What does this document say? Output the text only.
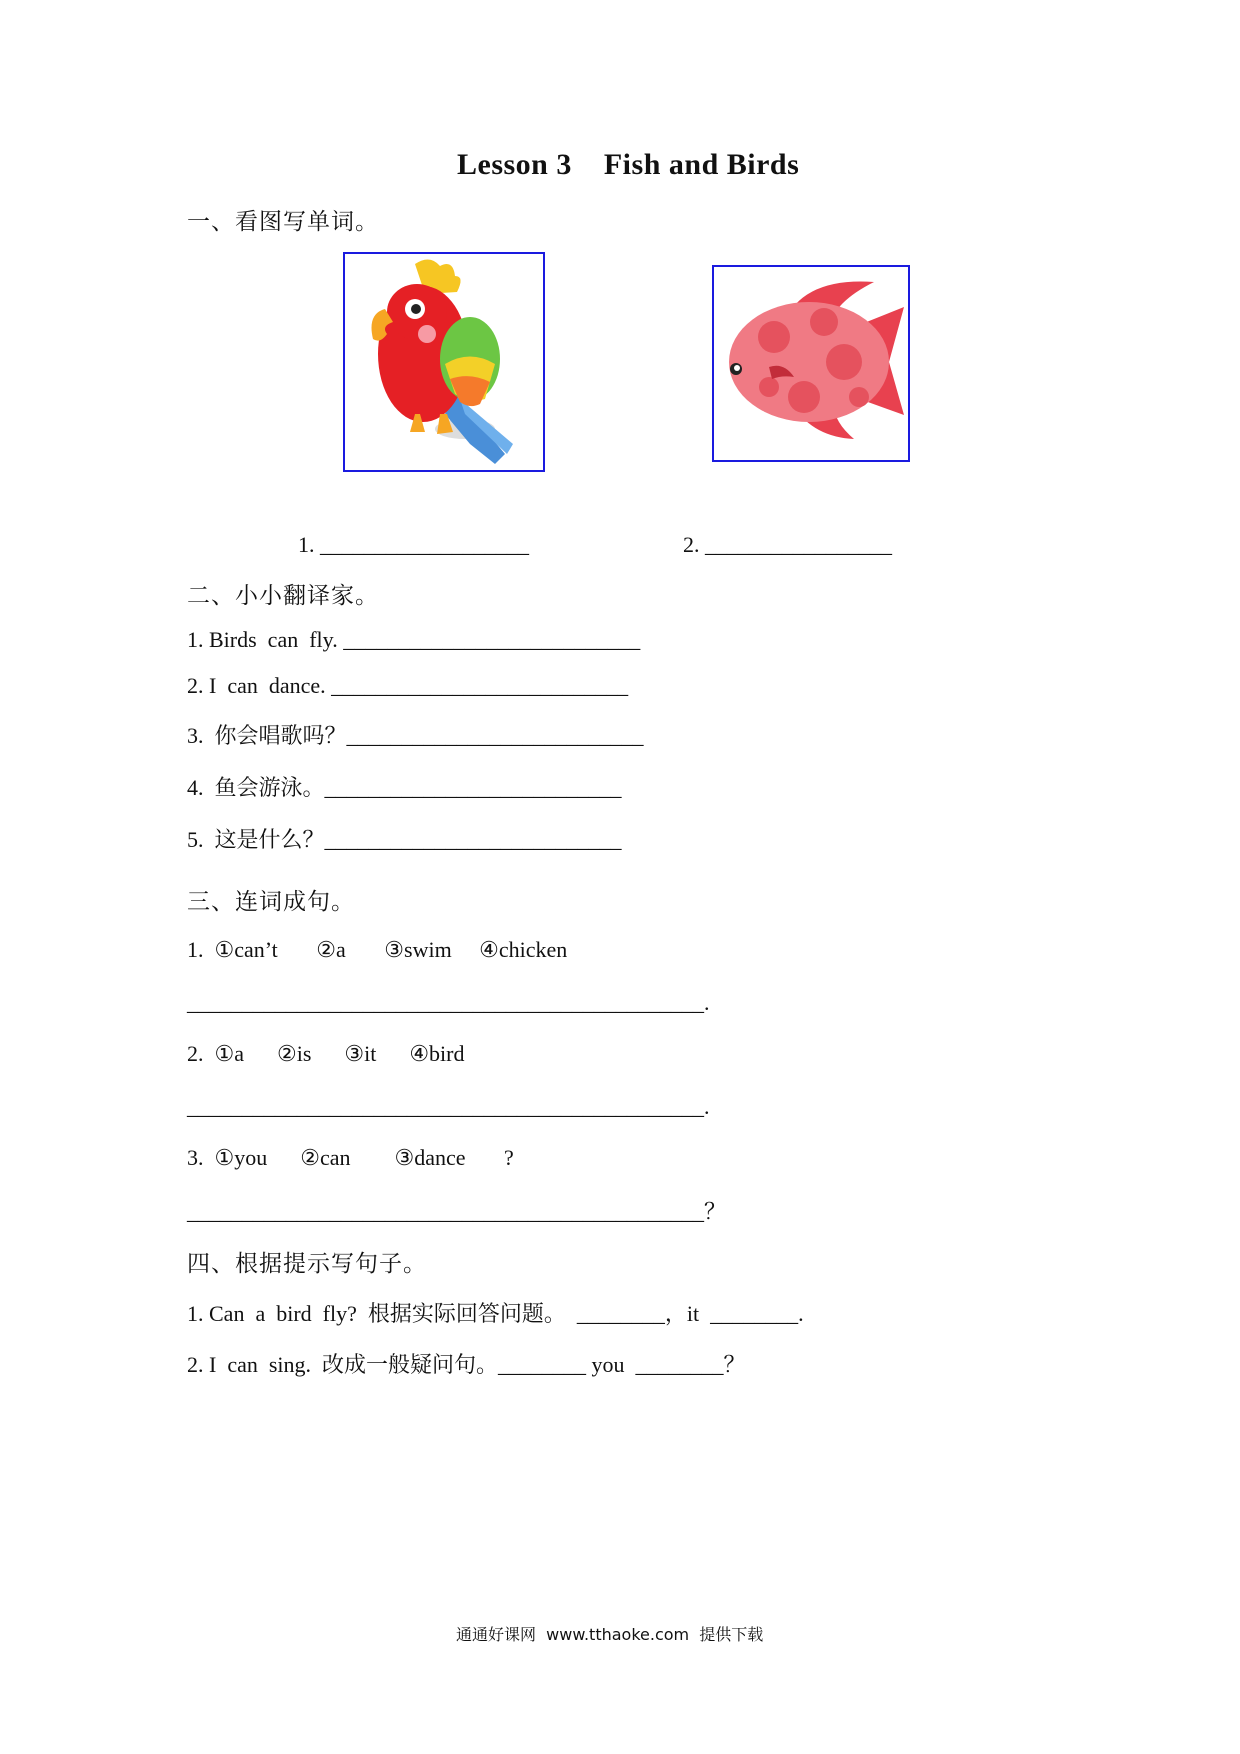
Lesson 3    Fish and Birds
一、看图写单词。
1. ___________________	2. _________________
二、小小翻译家。
1. Birds  can  fly. ___________________________
2. I  can  dance. ___________________________
3.  你会唱歌吗？___________________________
4.  鱼会游泳。___________________________
5.  这是什么？___________________________
三、连词成句。
1.  ①can’t       ②a       ③swim     ④chicken
_______________________________________________.
2.  ①a      ②is      ③it      ④bird
_______________________________________________.
3.  ①you      ②can        ③dance       ?
_______________________________________________？
四、根据提示写句子。
1. Can  a  bird  fly?  根据实际回答问题。  ________，it  ________.
2. I  can  sing.  改成一般疑问句。________ you  ________？
通通好课网  www.tthaoke.com  提供下载
